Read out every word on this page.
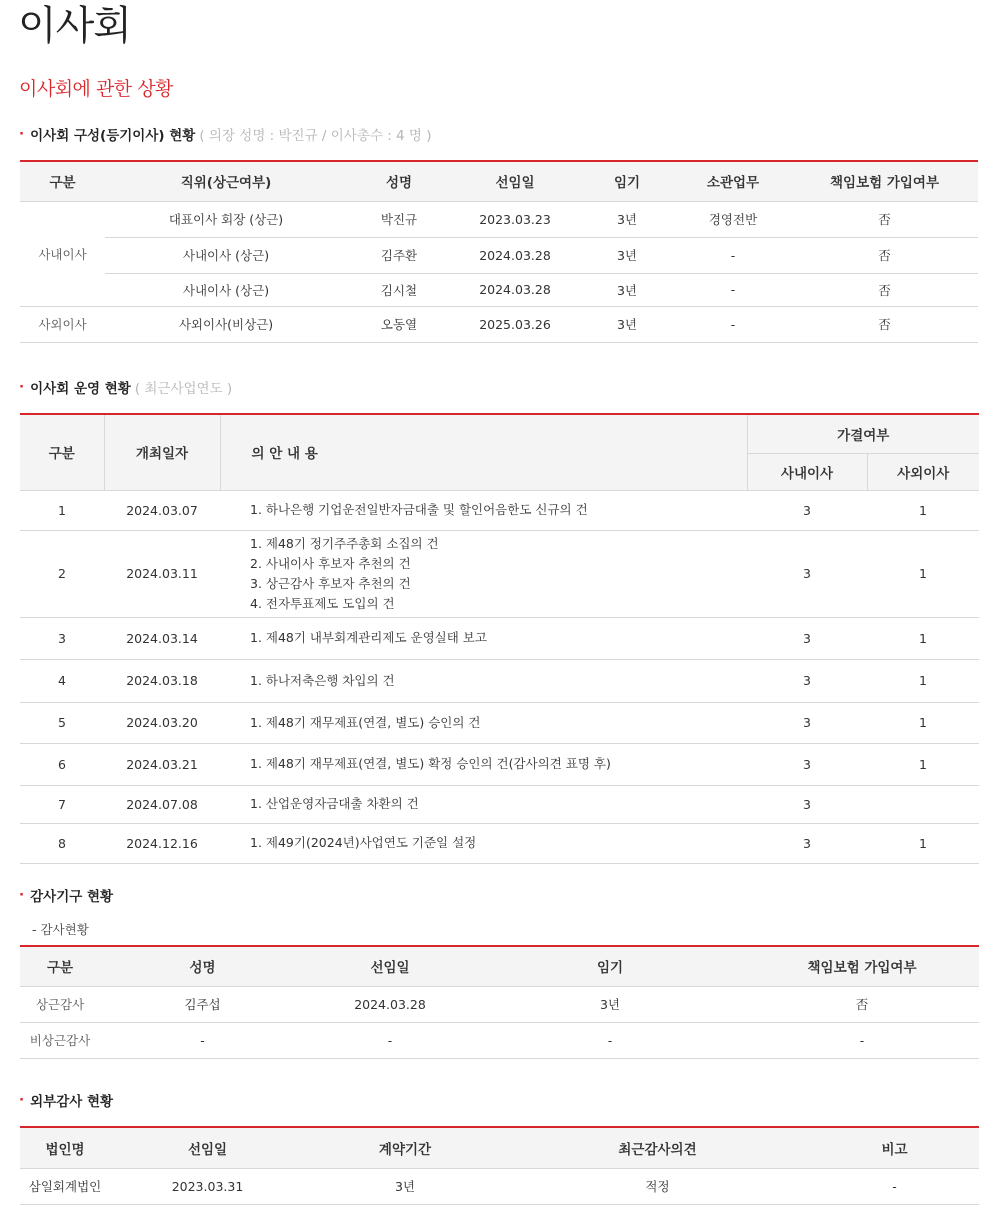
이사회
이사회에 관한 상황
· 이사회 구성(등기이사) 현황 ( 의장 성명 : 박진규 / 이사총수 : 4 명 )
구분	직위(상근여부)	성명	선임일	임기	소관업무	책임보험 가입여부
사내이사	대표이사 회장 (상근)	박진규	2023.03.23	3년	경영전반	否
	사내이사 (상근)	김주환	2024.03.28	3년	-	否
	사내이사 (상근)	김시철	2024.03.28	3년	-	否
사외이사	사외이사(비상근)	오동열	2025.03.26	3년	-	否
· 이사회 운영 현황 ( 최근사업연도 )
구분	개최일자	의 안 내 용	가결여부	
			사내이사	사외이사
1	2024.03.07	1. 하나은행 기업운전일반자금대출 및 할인어음한도 신규의 건	3	1
2	2024.03.11	1. 제48기 정기주주총회 소집의 건
2. 사내이사 후보자 추천의 건
3. 상근감사 후보자 추천의 건
4. 전자투표제도 도입의 건	3	1
3	2024.03.14	1. 제48기 내부회계관리제도 운영실태 보고	3	1
4	2024.03.18	1. 하나저축은행 차입의 건	3	1
5	2024.03.20	1. 제48기 재무제표(연결, 별도) 승인의 건	3	1
6	2024.03.21	1. 제48기 재무제표(연결, 별도) 확정 승인의 건(감사의견 표명 후)	3	1
7	2024.07.08	1. 산업운영자금대출 차환의 건	3	
8	2024.12.16	1. 제49기(2024년)사업연도 기준일 설정	3	1
· 감사기구 현황
- 감사현황
구분	성명	선임일	임기	책임보험 가입여부
상근감사	김주섭	2024.03.28	3년	否
비상근감사	-	-	-	-
· 외부감사 현황
법인명	선임일	계약기간	최근감사의견	비고
삼일회계법인	2023.03.31	3년	적정	-
